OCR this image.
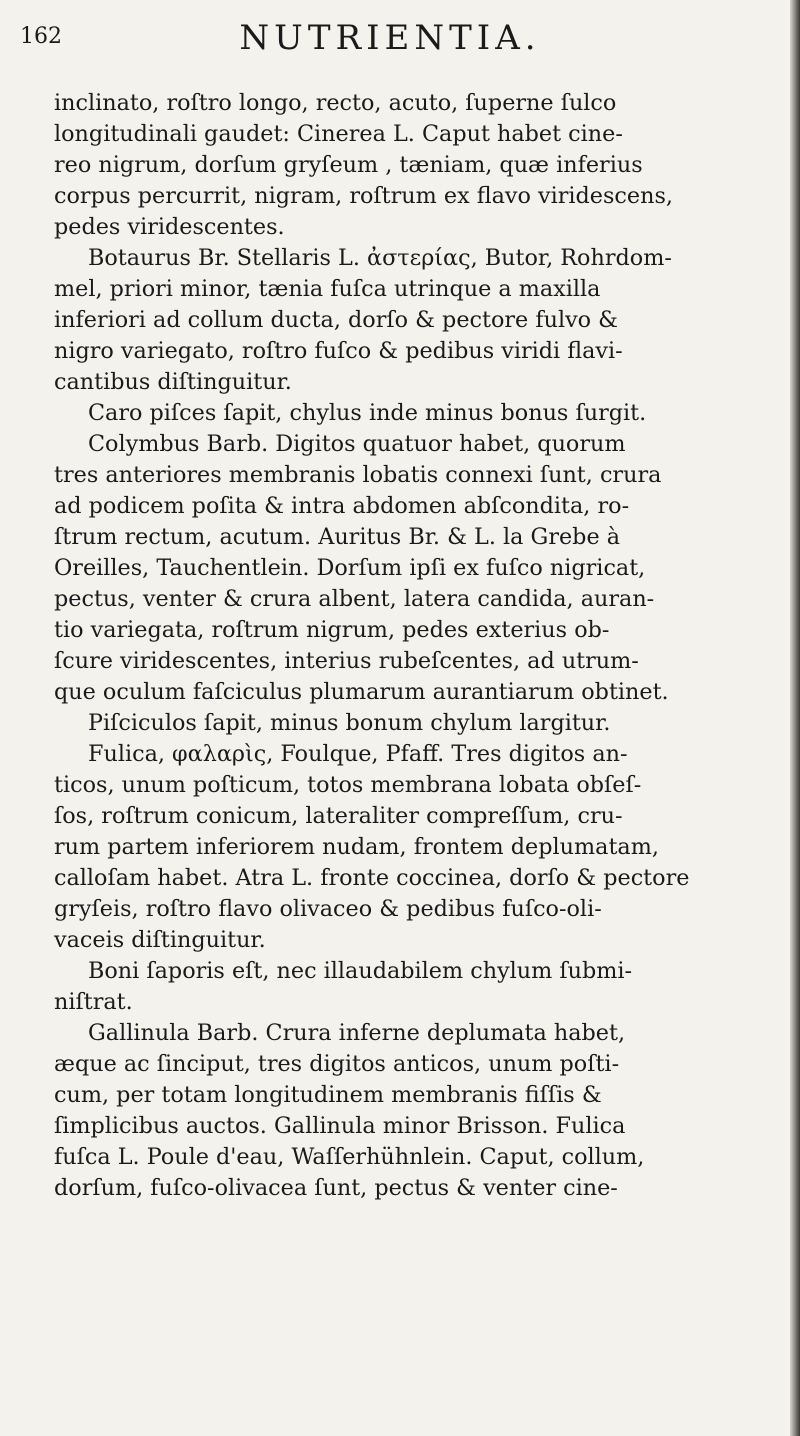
162	NUTRIENTIA.
inclinato, roſtro longo, recto, acuto, ſuperne ſulco
longitudinali gaudet: Cinerea L. Caput habet cine-
reo nigrum, dorſum gryſeum , tæniam, quæ inferius
corpus percurrit, nigram, roſtrum ex flavo viridescens,
pedes viridescentes.
Botaurus Br. Stellaris L. ἀστερίας, Butor, Rohrdom-
mel, priori minor, tænia fuſca utrinque a maxilla
inferiori ad collum ducta, dorſo & pectore fulvo &
nigro variegato, roſtro fuſco & pedibus viridi flavi-
cantibus diſtinguitur.
Caro piſces ſapit, chylus inde minus bonus ſurgit.
Colymbus Barb. Digitos quatuor habet, quorum
tres anteriores membranis lobatis connexi ſunt, crura
ad podicem poſita & intra abdomen abſcondita, ro-
ſtrum rectum, acutum. Auritus Br. & L. la Grebe à
Oreilles, Tauchentlein. Dorſum ipſi ex fuſco nigricat,
pectus, venter & crura albent, latera candida, auran-
tio variegata, roſtrum nigrum, pedes exterius ob-
ſcure viridescentes, interius rubeſcentes, ad utrum-
que oculum faſciculus plumarum aurantiarum obtinet.
Piſciculos ſapit, minus bonum chylum largitur.
Fulica, φαλαρὶς, Foulque, Pfaff. Tres digitos an-
ticos, unum poſticum, totos membrana lobata obſeſ-
ſos, roſtrum conicum, lateraliter compreſſum, cru-
rum partem inferiorem nudam, frontem deplumatam,
calloſam habet. Atra L. fronte coccinea, dorſo & pectore
gryſeis, roſtro flavo olivaceo & pedibus fuſco-oli-
vaceis diſtinguitur.
Boni ſaporis eſt, nec illaudabilem chylum ſubmi-
niſtrat.
Gallinula Barb. Crura inferne deplumata habet,
æque ac ſinciput, tres digitos anticos, unum poſti-
cum, per totam longitudinem membranis fiſſis &
ſimplicibus auctos. Gallinula minor Brisson. Fulica
fuſca L. Poule d'eau, Waſſerhühnlein. Caput, collum,
dorſum, fuſco-olivacea ſunt, pectus & venter cine-
